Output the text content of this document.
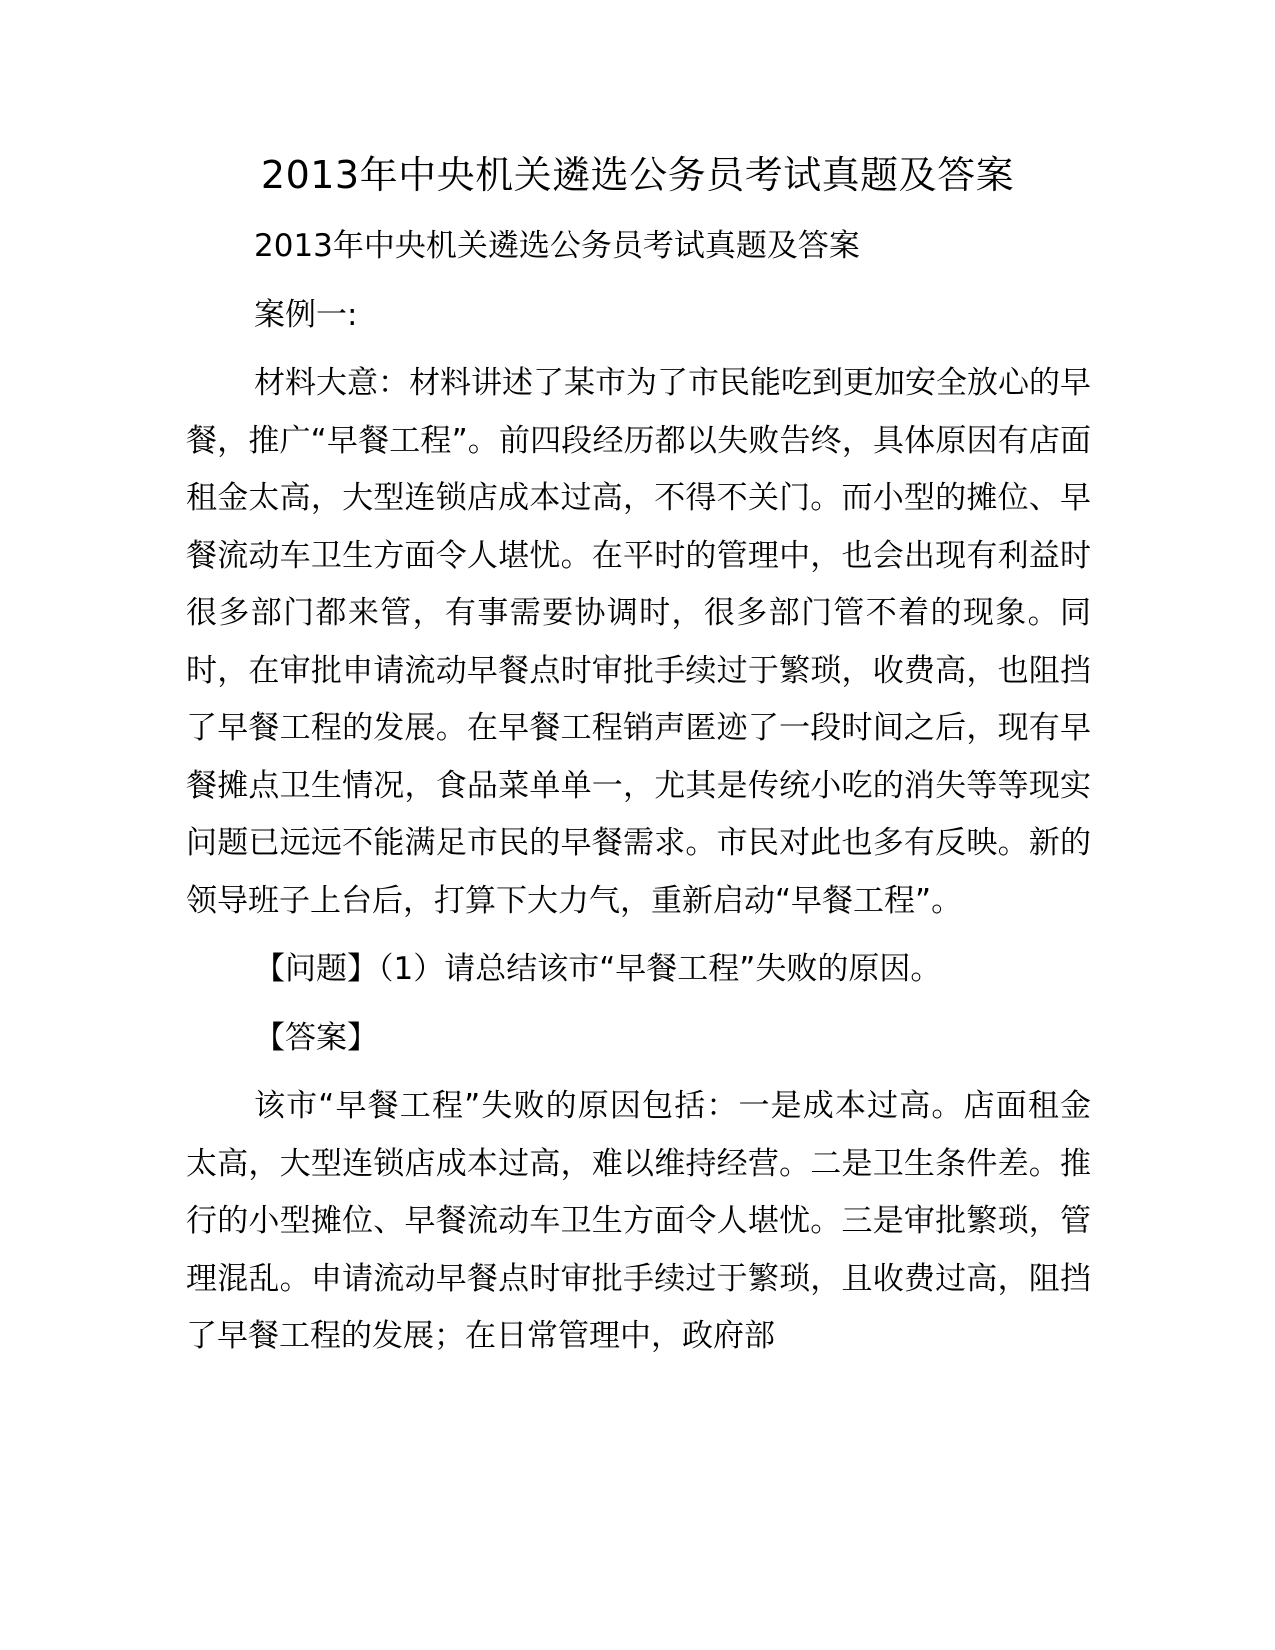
2013年中央机关遴选公务员考试真题及答案

2013年中央机关遴选公务员考试真题及答案

案例一:

材料大意：材料讲述了某市为了市民能吃到更加安全放心的早餐，推广“早餐工程”。前四段经历都以失败告终，具体原因有店面租金太高，大型连锁店成本过高，不得不关门。而小型的摊位、早餐流动车卫生方面令人堪忧。在平时的管理中，也会出现有利益时很多部门都来管，有事需要协调时，很多部门管不着的现象。同时，在审批申请流动早餐点时审批手续过于繁琐，收费高，也阻挡了早餐工程的发展。在早餐工程销声匿迹了一段时间之后，现有早餐摊点卫生情况，食品菜单单一，尤其是传统小吃的消失等等现实问题已远远不能满足市民的早餐需求。市民对此也多有反映。新的领导班子上台后，打算下大力气，重新启动“早餐工程”。

【问题】（1）请总结该市“早餐工程”失败的原因。

【答案】

该市“早餐工程”失败的原因包括：一是成本过高。店面租金太高，大型连锁店成本过高，难以维持经营。二是卫生条件差。推行的小型摊位、早餐流动车卫生方面令人堪忧。三是审批繁琐，管理混乱。申请流动早餐点时审批手续过于繁琐，且收费过高，阻挡了早餐工程的发展；在日常管理中，政府部
